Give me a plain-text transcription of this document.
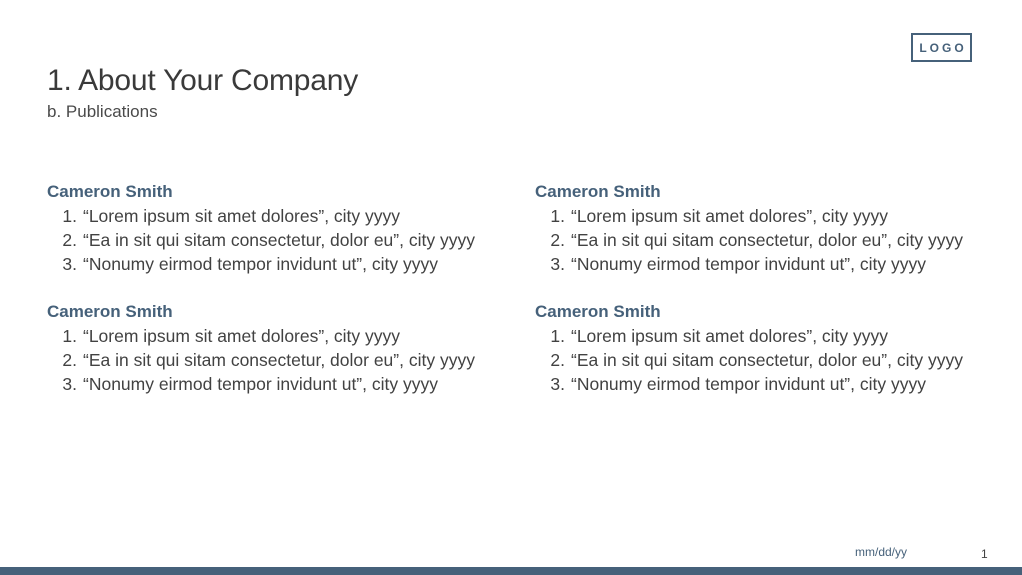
LOGO
1. About Your Company
b. Publications
Cameron Smith
1. “Lorem ipsum sit amet dolores”, city yyyy
2. “Ea in sit qui sitam consectetur, dolor eu”, city yyyy
3. “Nonumy eirmod tempor invidunt ut”, city yyyy
Cameron Smith
1. “Lorem ipsum sit amet dolores”, city yyyy
2. “Ea in sit qui sitam consectetur, dolor eu”, city yyyy
3. “Nonumy eirmod tempor invidunt ut”, city yyyy
Cameron Smith
1. “Lorem ipsum sit amet dolores”, city yyyy
2. “Ea in sit qui sitam consectetur, dolor eu”, city yyyy
3. “Nonumy eirmod tempor invidunt ut”, city yyyy
Cameron Smith
1. “Lorem ipsum sit amet dolores”, city yyyy
2. “Ea in sit qui sitam consectetur, dolor eu”, city yyyy
3. “Nonumy eirmod tempor invidunt ut”, city yyyy
mm/dd/yy	1
